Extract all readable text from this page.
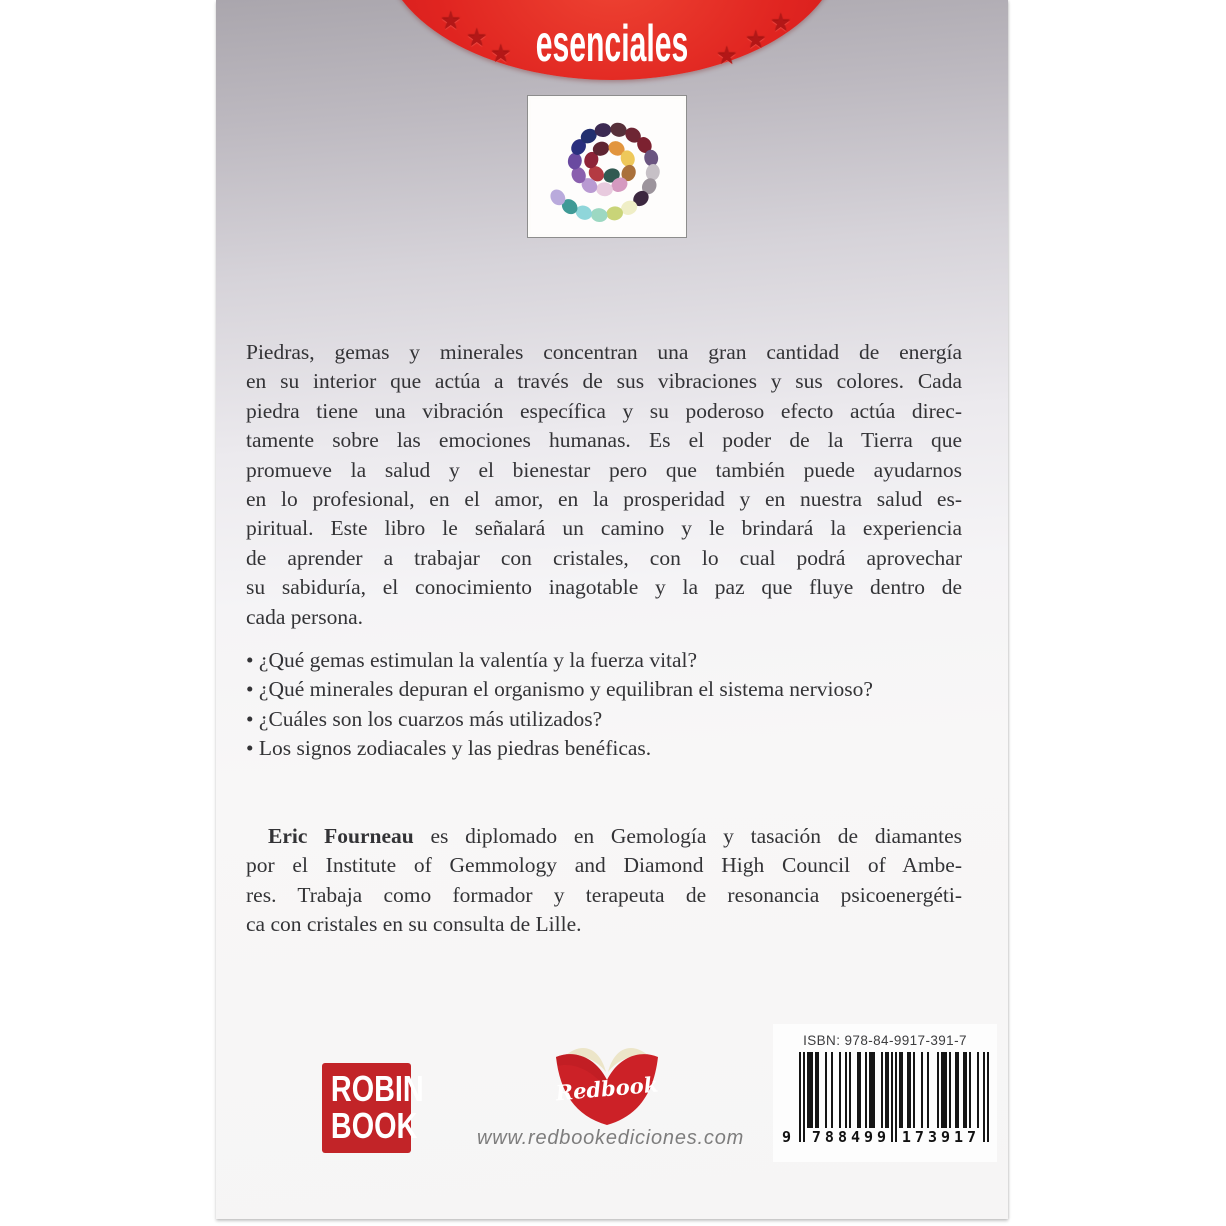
★
★
★	★
★
★
esenciales
Piedras, gemas y minerales concentran una gran cantidad de energía
en su interior que actúa a través de sus vibraciones y sus colores. Cada
piedra tiene una vibración específica y su poderoso efecto actúa direc-
tamente sobre las emociones humanas. Es el poder de la Tierra que
promueve la salud y el bienestar pero que también puede ayudarnos
en lo profesional, en el amor, en la prosperidad y en nuestra salud es-
piritual. Este libro le señalará un camino y le brindará la experiencia
de aprender a trabajar con cristales, con lo cual podrá aprovechar
su sabiduría, el conocimiento inagotable y la paz que fluye dentro de
cada persona.
• ¿Qué gemas estimulan la valentía y la fuerza vital?
• ¿Qué minerales depuran el organismo y equilibran el sistema nervioso?
• ¿Cuáles son los cuarzos más utilizados?
• Los signos zodiacales y las piedras benéficas.
Eric Fourneau es diplomado en Gemología y tasación de diamantes
por el Institute of Gemmology and Diamond High Council of Ambe-
res. Trabaja como formador y terapeuta de resonancia psicoenergéti-
ca con cristales en su consulta de Lille.
ROBIN
BOOK
Redbook
www.redbookediciones.com
ISBN: 978-84-9917-391-7
9 788499 173917
